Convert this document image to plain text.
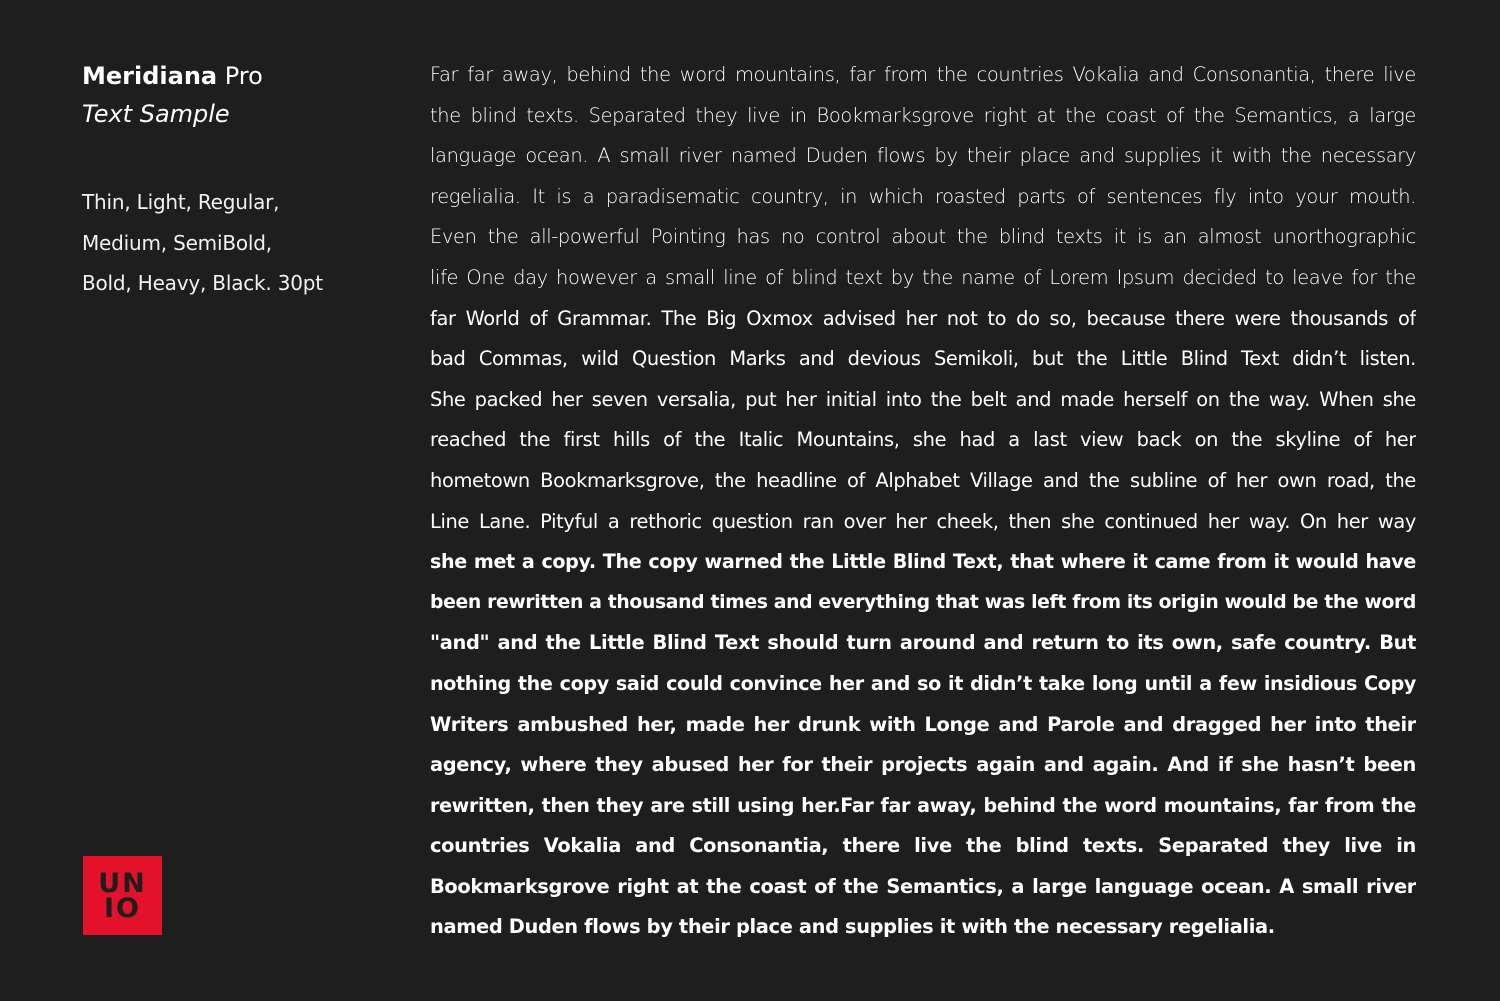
Meridiana Pro

Text Sample

Thin, Light, Regular,
Medium, SemiBold,
Bold, Heavy, Black. 30pt
UN
IO
Far far away, behind the word mountains, far from the countries Vokalia and Consonantia, there live
the blind texts. Separated they live in Bookmarksgrove right at the coast of the Semantics, a large
language ocean. A small river named Duden flows by their place and supplies it with the necessary
regelialia. It is a paradisematic country, in which roasted parts of sentences fly into your mouth.
Even the all-powerful Pointing has no control about the blind texts it is an almost unorthographic
life One day however a small line of blind text by the name of Lorem Ipsum decided to leave for the
far World of Grammar. The Big Oxmox advised her not to do so, because there were thousands of
bad Commas, wild Question Marks and devious Semikoli, but the Little Blind Text didn’t listen.
She packed her seven versalia, put her initial into the belt and made herself on the way. When she
reached the first hills of the Italic Mountains, she had a last view back on the skyline of her
hometown Bookmarksgrove, the headline of Alphabet Village and the subline of her own road, the
Line Lane. Pityful a rethoric question ran over her cheek, then she continued her way. On her way
she met a copy. The copy warned the Little Blind Text, that where it came from it would have
been rewritten a thousand times and everything that was left from its origin would be the word
"and" and the Little Blind Text should turn around and return to its own, safe country. But
nothing the copy said could convince her and so it didn’t take long until a few insidious Copy
Writers ambushed her, made her drunk with Longe and Parole and dragged her into their
agency, where they abused her for their projects again and again. And if she hasn’t been
rewritten, then they are still using her.Far far away, behind the word mountains, far from the
countries Vokalia and Consonantia, there live the blind texts. Separated they live in
Bookmarksgrove right at the coast of the Semantics, a large language ocean. A small river
named Duden flows by their place and supplies it with the necessary regelialia.
